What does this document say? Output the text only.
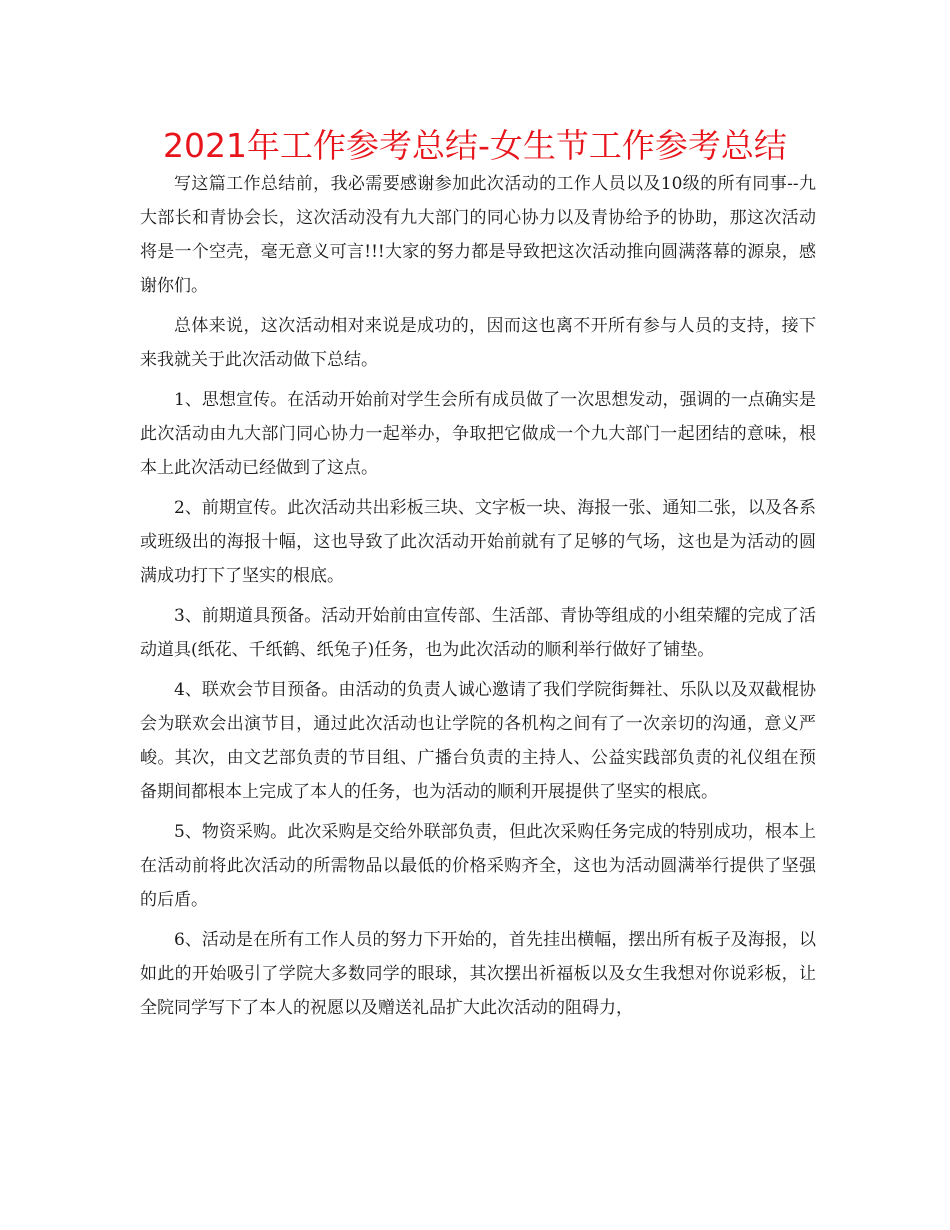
2021年工作参考总结-女生节工作参考总结

写这篇工作总结前，我必需要感谢参加此次活动的工作人员以及10级的所有同事--九大部长和青协会长，这次活动没有九大部门的同心协力以及青协给予的协助，那这次活动将是一个空壳，毫无意义可言!!!大家的努力都是导致把这次活动推向圆满落幕的源泉，感谢你们。

总体来说，这次活动相对来说是成功的，因而这也离不开所有参与人员的支持，接下来我就关于此次活动做下总结。

1、思想宣传。在活动开始前对学生会所有成员做了一次思想发动，强调的一点确实是此次活动由九大部门同心协力一起举办，争取把它做成一个九大部门一起团结的意味，根本上此次活动已经做到了这点。

2、前期宣传。此次活动共出彩板三块、文字板一块、海报一张、通知二张，以及各系或班级出的海报十幅，这也导致了此次活动开始前就有了足够的气场，这也是为活动的圆满成功打下了坚实的根底。

3、前期道具预备。活动开始前由宣传部、生活部、青协等组成的小组荣耀的完成了活动道具(纸花、千纸鹤、纸兔子)任务，也为此次活动的顺利举行做好了铺垫。

4、联欢会节目预备。由活动的负责人诚心邀请了我们学院街舞社、乐队以及双截棍协会为联欢会出演节目，通过此次活动也让学院的各机构之间有了一次亲切的沟通，意义严峻。其次，由文艺部负责的节目组、广播台负责的主持人、公益实践部负责的礼仪组在预备期间都根本上完成了本人的任务，也为活动的顺利开展提供了坚实的根底。

5、物资采购。此次采购是交给外联部负责，但此次采购任务完成的特别成功，根本上在活动前将此次活动的所需物品以最低的价格采购齐全，这也为活动圆满举行提供了坚强的后盾。

6、活动是在所有工作人员的努力下开始的，首先挂出横幅，摆出所有板子及海报，以如此的开始吸引了学院大多数同学的眼球，其次摆出祈福板以及女生我想对你说彩板，让全院同学写下了本人的祝愿以及赠送礼品扩大此次活动的阻碍力，
